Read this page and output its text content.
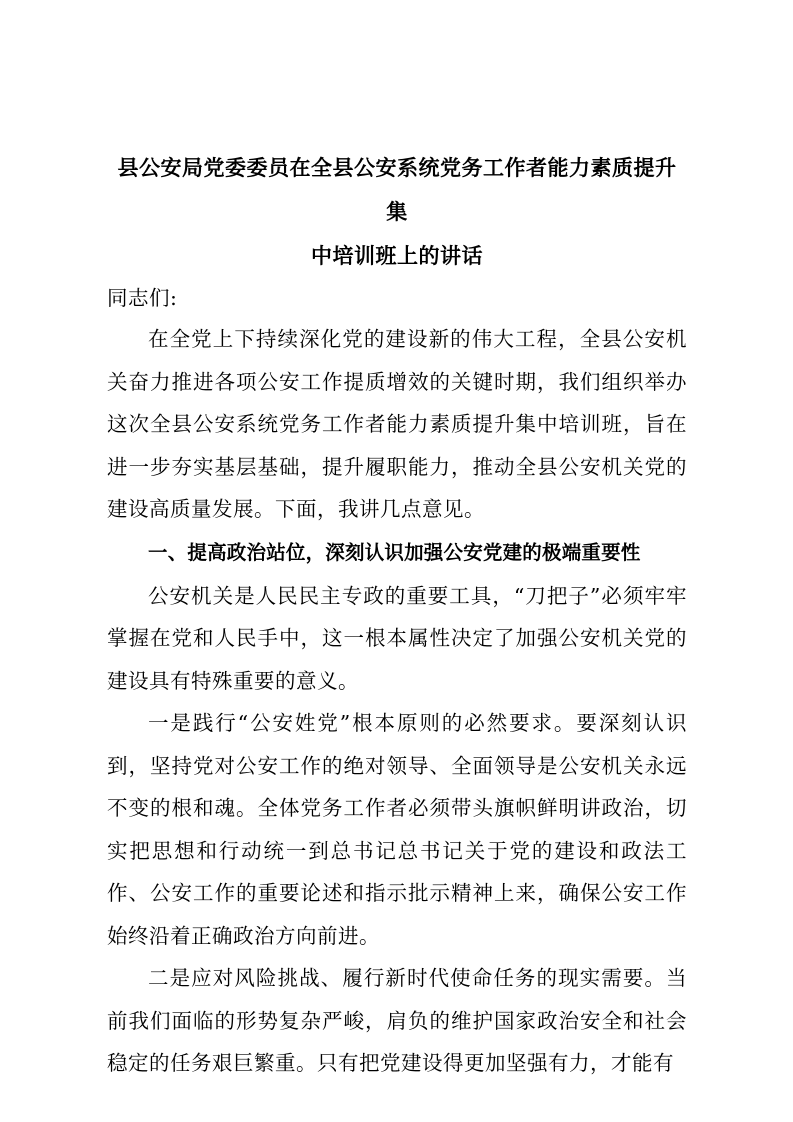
县公安局党委委员在全县公安系统党务工作者能力素质提升集
中培训班上的讲话

同志们:

在全党上下持续深化党的建设新的伟大工程，全县公安机关奋力推进各项公安工作提质增效的关键时期，我们组织举办这次全县公安系统党务工作者能力素质提升集中培训班，旨在进一步夯实基层基础，提升履职能力，推动全县公安机关党的建设高质量发展。下面，我讲几点意见。

一、提高政治站位，深刻认识加强公安党建的极端重要性

公安机关是人民民主专政的重要工具，“刀把子”必须牢牢掌握在党和人民手中，这一根本属性决定了加强公安机关党的建设具有特殊重要的意义。

一是践行“公安姓党”根本原则的必然要求。要深刻认识到，坚持党对公安工作的绝对领导、全面领导是公安机关永远不变的根和魂。全体党务工作者必须带头旗帜鲜明讲政治，切实把思想和行动统一到总书记总书记关于党的建设和政法工作、公安工作的重要论述和指示批示精神上来，确保公安工作始终沿着正确政治方向前进。

二是应对风险挑战、履行新时代使命任务的现实需要。当前我们面临的形势复杂严峻，肩负的维护国家政治安全和社会稳定的任务艰巨繁重。只有把党建设得更加坚强有力，才能有
